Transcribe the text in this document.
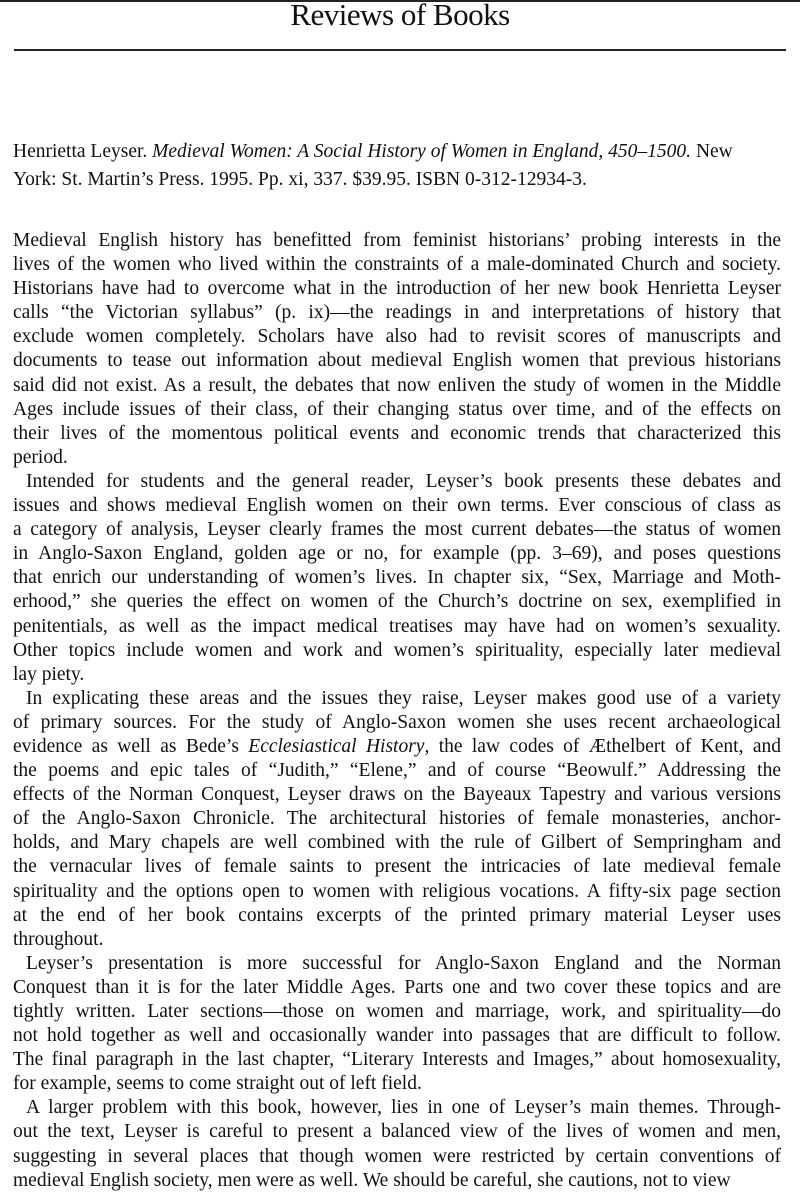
Reviews of Books
Henrietta Leyser. Medieval Women: A Social History of Women in England, 450–1500. New
York: St. Martin’s Press. 1995. Pp. xi, 337. $39.95. ISBN 0-312-12934-3.
Medieval English history has benefitted from feminist historians’ probing interests in the
lives of the women who lived within the constraints of a male-dominated Church and society.
Historians have had to overcome what in the introduction of her new book Henrietta Leyser
calls “the Victorian syllabus” (p. ix)—the readings in and interpretations of history that
exclude women completely. Scholars have also had to revisit scores of manuscripts and
documents to tease out information about medieval English women that previous historians
said did not exist. As a result, the debates that now enliven the study of women in the Middle
Ages include issues of their class, of their changing status over time, and of the effects on
their lives of the momentous political events and economic trends that characterized this
period.
Intended for students and the general reader, Leyser’s book presents these debates and
issues and shows medieval English women on their own terms. Ever conscious of class as
a category of analysis, Leyser clearly frames the most current debates—the status of women
in Anglo-Saxon England, golden age or no, for example (pp. 3–69), and poses questions
that enrich our understanding of women’s lives. In chapter six, “Sex, Marriage and Moth-
erhood,” she queries the effect on women of the Church’s doctrine on sex, exemplified in
penitentials, as well as the impact medical treatises may have had on women’s sexuality.
Other topics include women and work and women’s spirituality, especially later medieval
lay piety.
In explicating these areas and the issues they raise, Leyser makes good use of a variety
of primary sources. For the study of Anglo-Saxon women she uses recent archaeological
evidence as well as Bede’s Ecclesiastical History, the law codes of Æthelbert of Kent, and
the poems and epic tales of “Judith,” “Elene,” and of course “Beowulf.” Addressing the
effects of the Norman Conquest, Leyser draws on the Bayeaux Tapestry and various versions
of the Anglo-Saxon Chronicle. The architectural histories of female monasteries, anchor-
holds, and Mary chapels are well combined with the rule of Gilbert of Sempringham and
the vernacular lives of female saints to present the intricacies of late medieval female
spirituality and the options open to women with religious vocations. A fifty-six page section
at the end of her book contains excerpts of the printed primary material Leyser uses
throughout.
Leyser’s presentation is more successful for Anglo-Saxon England and the Norman
Conquest than it is for the later Middle Ages. Parts one and two cover these topics and are
tightly written. Later sections—those on women and marriage, work, and spirituality—do
not hold together as well and occasionally wander into passages that are difficult to follow.
The final paragraph in the last chapter, “Literary Interests and Images,” about homosexuality,
for example, seems to come straight out of left field.
A larger problem with this book, however, lies in one of Leyser’s main themes. Through-
out the text, Leyser is careful to present a balanced view of the lives of women and men,
suggesting in several places that though women were restricted by certain conventions of
medieval English society, men were as well. We should be careful, she cautions, not to view
